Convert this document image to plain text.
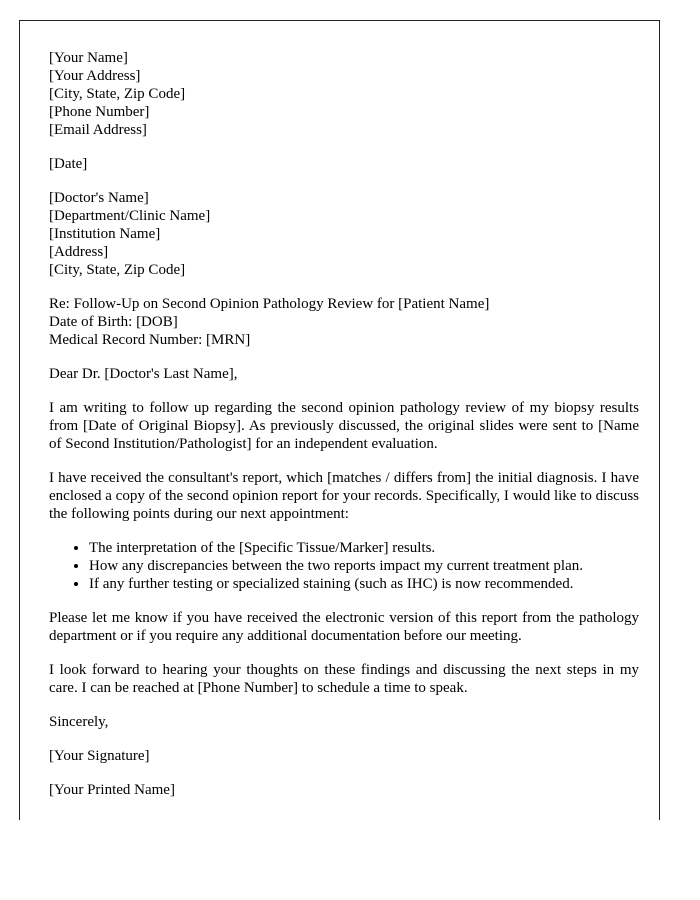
[Your Name]
[Your Address]
[City, State, Zip Code]
[Phone Number]
[Email Address]
[Date]
[Doctor's Name]
[Department/Clinic Name]
[Institution Name]
[Address]
[City, State, Zip Code]
Re: Follow-Up on Second Opinion Pathology Review for [Patient Name]
Date of Birth: [DOB]
Medical Record Number: [MRN]
Dear Dr. [Doctor's Last Name],

I am writing to follow up regarding the second opinion pathology review of my biopsy results from [Date of Original Biopsy]. As previously discussed, the original slides were sent to [Name of Second Institution/Pathologist] for an independent evaluation.

I have received the consultant's report, which [matches / differs from] the initial diagnosis. I have enclosed a copy of the second opinion report for your records. Specifically, I would like to discuss the following points during our next appointment:

• The interpretation of the [Specific Tissue/Marker] results.
• How any discrepancies between the two reports impact my current treatment plan.
• If any further testing or specialized staining (such as IHC) is now recommended.

Please let me know if you have received the electronic version of this report from the pathology department or if you require any additional documentation before our meeting.

I look forward to hearing your thoughts on these findings and discussing the next steps in my care. I can be reached at [Phone Number] to schedule a time to speak.

Sincerely,
[Your Signature]
[Your Printed Name]
